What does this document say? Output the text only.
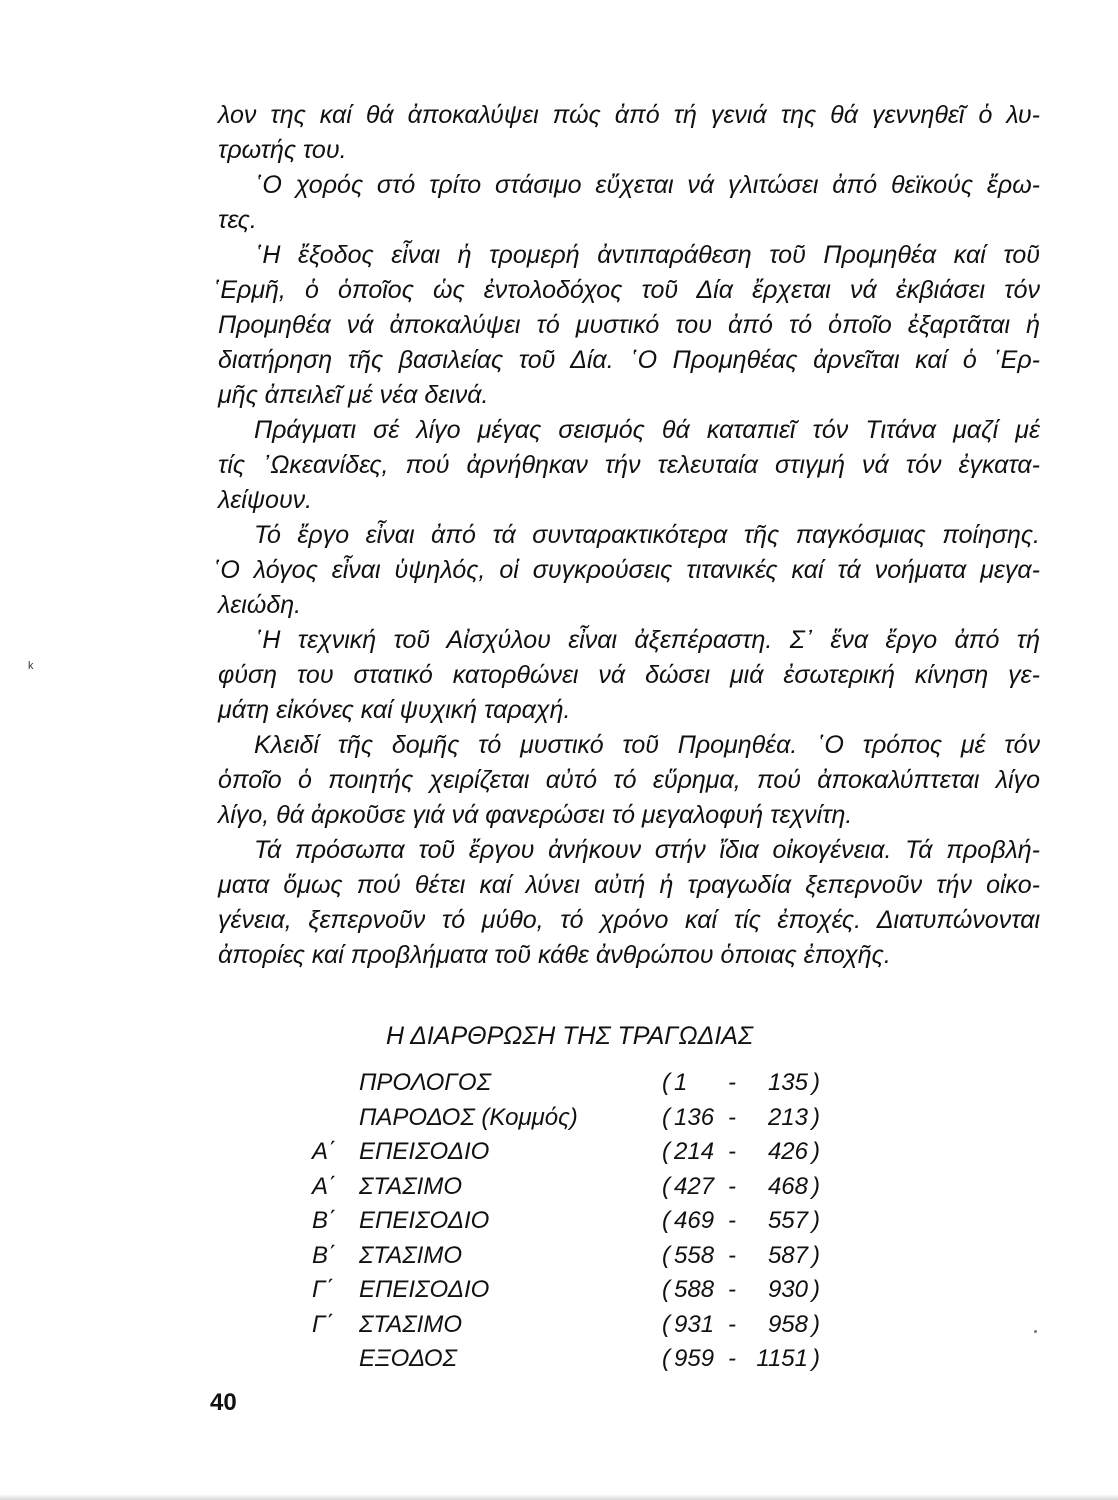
λον της καί θά ἀποκαλύψει πώς ἀπό τή γενιά της θά γεννηθεῖ ὁ λυ-
τρωτής του.
῾Ο χορός στό τρίτο στάσιμο εὔχεται νά γλιτώσει ἀπό θεϊκούς ἔρω-
τες.
῾Η ἔξοδος εἶναι ἡ τρομερή ἀντιπαράθεση τοῦ Προμηθέα καί τοῦ
῾Ερμῆ, ὁ ὁποῖος ὡς ἐντολοδόχος τοῦ Δία ἔρχεται νά ἐκβιάσει τόν
Προμηθέα νά ἀποκαλύψει τό μυστικό του ἀπό τό ὁποῖο ἐξαρτᾶται ἡ
διατήρηση τῆς βασιλείας τοῦ Δία. ῾Ο Προμηθέας ἀρνεῖται καί ὁ ῾Ερ-
μῆς ἀπειλεῖ μέ νέα δεινά.
Πράγματι σέ λίγο μέγας σεισμός θά καταπιεῖ τόν Τιτάνα μαζί μέ
τίς ᾿Ωκεανίδες, πού ἀρνήθηκαν τήν τελευταία στιγμή νά τόν ἐγκατα-
λείψουν.
Τό ἔργο εἶναι ἀπό τά συνταρακτικότερα τῆς παγκόσμιας ποίησης.
῾Ο λόγος εἶναι ὑψηλός, οἱ συγκρούσεις τιτανικές καί τά νοήματα μεγα-
λειώδη.
῾Η τεχνική τοῦ Αἰσχύλου εἶναι ἀξεπέραστη. Σ᾿ ἕνα ἔργο ἀπό τή
φύση του στατικό κατορθώνει νά δώσει μιά ἐσωτερική κίνηση γε-
μάτη εἰκόνες καί ψυχική ταραχή.
Κλειδί τῆς δομῆς τό μυστικό τοῦ Προμηθέα. ῾Ο τρόπος μέ τόν
ὁποῖο ὁ ποιητής χειρίζεται αὐτό τό εὕρημα, πού ἀποκαλύπτεται λίγο
λίγο, θά ἀρκοῦσε γιά νά φανερώσει τό μεγαλοφυή τεχνίτη.
Τά πρόσωπα τοῦ ἔργου ἀνήκουν στήν ἴδια οἰκογένεια. Τά προβλή-
ματα ὅμως πού θέτει καί λύνει αὐτή ἡ τραγωδία ξεπερνοῦν τήν οἰκο-
γένεια, ξεπερνοῦν τό μύθο, τό χρόνο καί τίς ἐποχές. Διατυπώνονται
ἀπορίες καί προβλήματα τοῦ κάθε ἀνθρώπου ὁποιας ἐποχῆς.
Η ΔΙΑΡΘΡΩΣΗ ΤΗΣ ΤΡΑΓΩΔΙΑΣ
ΠΡΟΛΟΓΟΣ	( 1	-	135 )
ΠΑΡΟΔΟΣ (Κομμός)	( 136 -	213 )
Α΄ ΕΠΕΙΣΟΔΙΟ	( 214 -	426 )
Α΄ ΣΤΑΣΙΜΟ	( 427 -	468 )
Β΄ ΕΠΕΙΣΟΔΙΟ	( 469 -	557 )
Β΄ ΣΤΑΣΙΜΟ	( 558 -	587 )
Γ΄ ΕΠΕΙΣΟΔΙΟ	( 588 -	930 )
Γ΄ ΣΤΑΣΙΜΟ	( 931 -	958 )
ΕΞΟΔΟΣ	( 959 - 1151 )
40
ᵏ
